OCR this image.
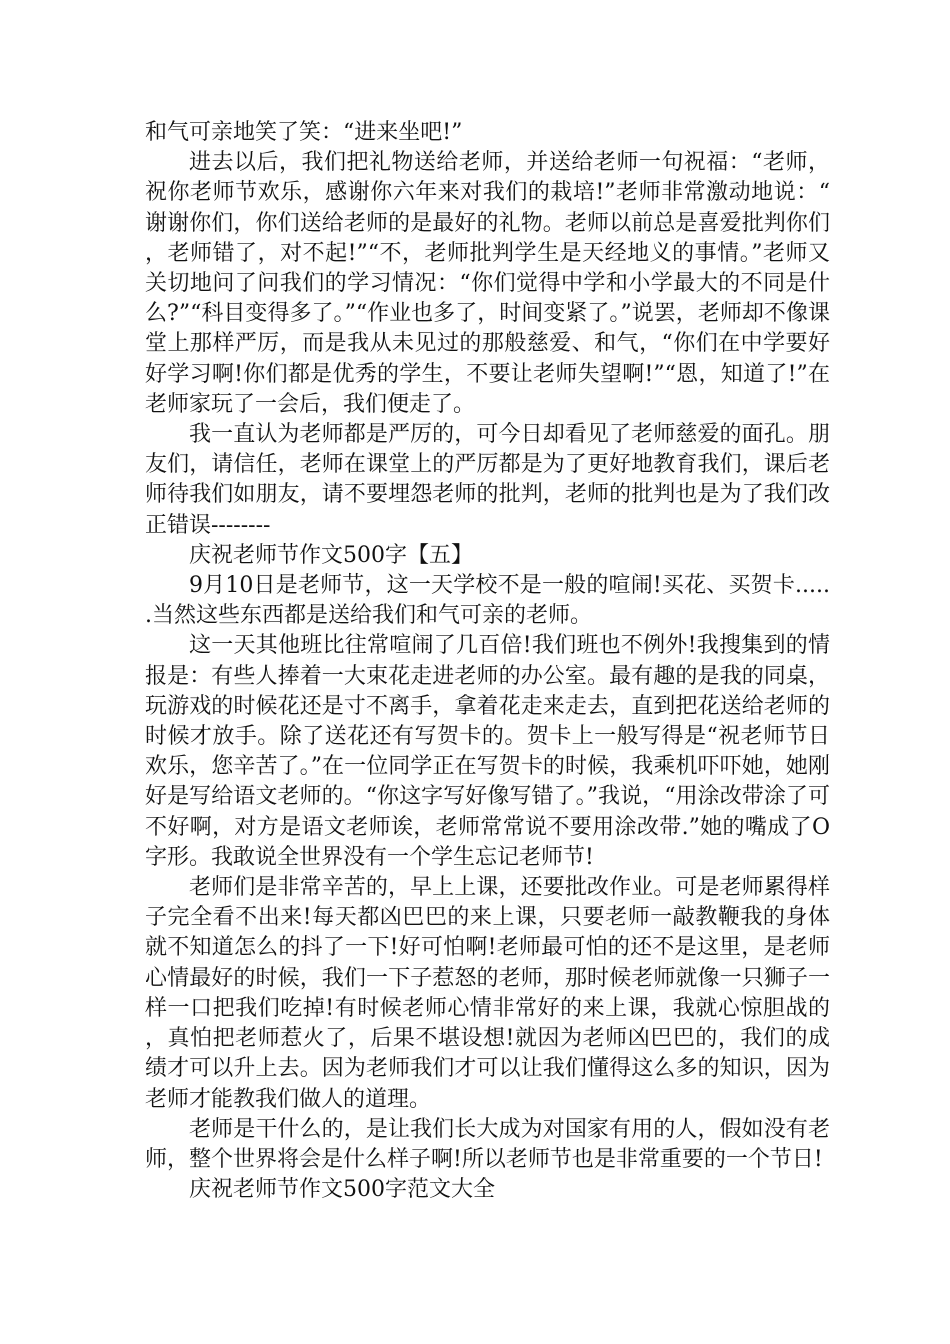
和气可亲地笑了笑：“进来坐吧!”

进去以后，我们把礼物送给老师，并送给老师一句祝福：“老师，祝你老师节欢乐，感谢你六年来对我们的栽培!”老师非常激动地说：“谢谢你们，你们送给老师的是最好的礼物。老师以前总是喜爱批判你们，老师错了，对不起!”“不，老师批判学生是天经地义的事情。”老师又关切地问了问我们的学习情况：“你们觉得中学和小学最大的不同是什么?”“科目变得多了。”“作业也多了，时间变紧了。”说罢，老师却不像课堂上那样严厉，而是我从未见过的那般慈爱、和气，“你们在中学要好好学习啊!你们都是优秀的学生，不要让老师失望啊!”“恩，知道了!”在老师家玩了一会后，我们便走了。

我一直认为老师都是严厉的，可今日却看见了老师慈爱的面孔。朋友们，请信任，老师在课堂上的严厉都是为了更好地教育我们，课后老师待我们如朋友，请不要埋怨老师的批判，老师的批判也是为了我们改正错误--------

庆祝老师节作文500字【五】

9月10日是老师节，这一天学校不是一般的喧闹!买花、买贺卡......当然这些东西都是送给我们和气可亲的老师。

这一天其他班比往常喧闹了几百倍!我们班也不例外!我搜集到的情报是：有些人捧着一大束花走进老师的办公室。最有趣的是我的同桌，玩游戏的时候花还是寸不离手，拿着花走来走去，直到把花送给老师的时候才放手。除了送花还有写贺卡的。贺卡上一般写得是“祝老师节日欢乐，您辛苦了。”在一位同学正在写贺卡的时候，我乘机吓吓她，她刚好是写给语文老师的。“你这字写好像写错了。”我说，“用涂改带涂了可不好啊，对方是语文老师诶，老师常常说不要用涂改带.”她的嘴成了O字形。我敢说全世界没有一个学生忘记老师节!

老师们是非常辛苦的，早上上课，还要批改作业。可是老师累得样子完全看不出来!每天都凶巴巴的来上课，只要老师一敲教鞭我的身体就不知道怎么的抖了一下!好可怕啊!老师最可怕的还不是这里，是老师心情最好的时候，我们一下子惹怒的老师，那时候老师就像一只狮子一样一口把我们吃掉!有时候老师心情非常好的来上课，我就心惊胆战的，真怕把老师惹火了，后果不堪设想!就因为老师凶巴巴的，我们的成绩才可以升上去。因为老师我们才可以让我们懂得这么多的知识，因为老师才能教我们做人的道理。

老师是干什么的，是让我们长大成为对国家有用的人，假如没有老师，整个世界将会是什么样子啊!所以老师节也是非常重要的一个节日!

庆祝老师节作文500字范文大全
